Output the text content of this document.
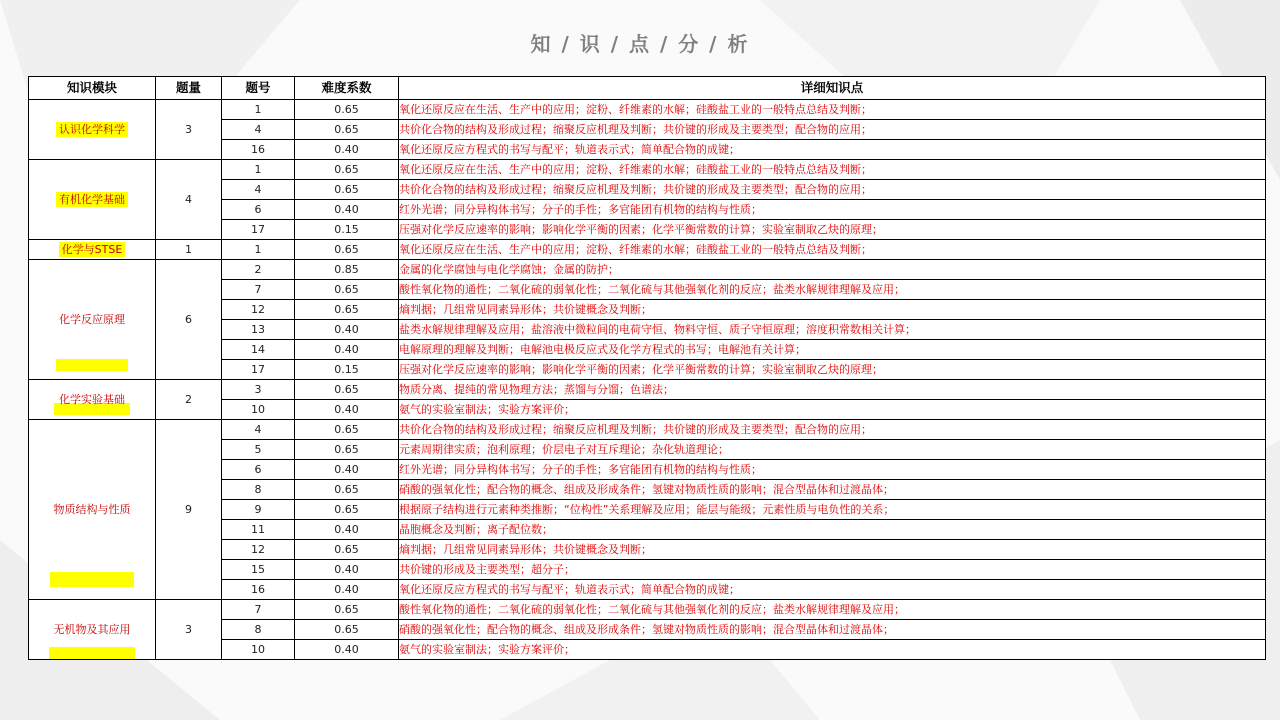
知 / 识 / 点 / 分 / 析
知识模块	题量	题号	难度系数	详细知识点
认识化学科学	3	1	0.65	氧化还原反应在生活、生产中的应用；淀粉、纤维素的水解；硅酸盐工业的一般特点总结及判断；
		4	0.65	共价化合物的结构及形成过程；缩聚反应机理及判断；共价键的形成及主要类型；配合物的应用；
		16	0.40	氧化还原反应方程式的书写与配平；轨道表示式；简单配合物的成键；
有机化学基础	4	1	0.65	氧化还原反应在生活、生产中的应用；淀粉、纤维素的水解；硅酸盐工业的一般特点总结及判断；
		4	0.65	共价化合物的结构及形成过程；缩聚反应机理及判断；共价键的形成及主要类型；配合物的应用；
		6	0.40	红外光谱；同分异构体书写；分子的手性；多官能团有机物的结构与性质；
		17	0.15	压强对化学反应速率的影响；影响化学平衡的因素；化学平衡常数的计算；实验室制取乙炔的原理；
化学与STSE	1	1	0.65	氧化还原反应在生活、生产中的应用；淀粉、纤维素的水解；硅酸盐工业的一般特点总结及判断；
化学反应原理	6	2	0.85	金属的化学腐蚀与电化学腐蚀；金属的防护；
		7	0.65	酸性氧化物的通性；二氧化硫的弱氧化性；二氧化硫与其他强氧化剂的反应；盐类水解规律理解及应用；
		12	0.65	熵判据；几组常见同素异形体；共价键概念及判断；
		13	0.40	盐类水解规律理解及应用；盐溶液中微粒间的电荷守恒、物料守恒、质子守恒原理；溶度积常数相关计算；
		14	0.40	电解原理的理解及判断；电解池电极反应式及化学方程式的书写；电解池有关计算；
		17	0.15	压强对化学反应速率的影响；影响化学平衡的因素；化学平衡常数的计算；实验室制取乙炔的原理；
化学实验基础	2	3	0.65	物质分离、提纯的常见物理方法；蒸馏与分馏；色谱法；
		10	0.40	氨气的实验室制法；实验方案评价；
物质结构与性质	9	4	0.65	共价化合物的结构及形成过程；缩聚反应机理及判断；共价键的形成及主要类型；配合物的应用；
		5	0.65	元素周期律实质；泡利原理；价层电子对互斥理论；杂化轨道理论；
		6	0.40	红外光谱；同分异构体书写；分子的手性；多官能团有机物的结构与性质；
		8	0.65	硝酸的强氧化性；配合物的概念、组成及形成条件；氢键对物质性质的影响；混合型晶体和过渡晶体；
		9	0.65	根据原子结构进行元素种类推断；“位构性”关系理解及应用；能层与能级；元素性质与电负性的关系；
		11	0.40	晶胞概念及判断；离子配位数；
		12	0.65	熵判据；几组常见同素异形体；共价键概念及判断；
		15	0.40	共价键的形成及主要类型；超分子；
		16	0.40	氧化还原反应方程式的书写与配平；轨道表示式；简单配合物的成键；
无机物及其应用	3	7	0.65	酸性氧化物的通性；二氧化硫的弱氧化性；二氧化硫与其他强氧化剂的反应；盐类水解规律理解及应用；
		8	0.65	硝酸的强氧化性；配合物的概念、组成及形成条件；氢键对物质性质的影响；混合型晶体和过渡晶体；
		10	0.40	氨气的实验室制法；实验方案评价；
